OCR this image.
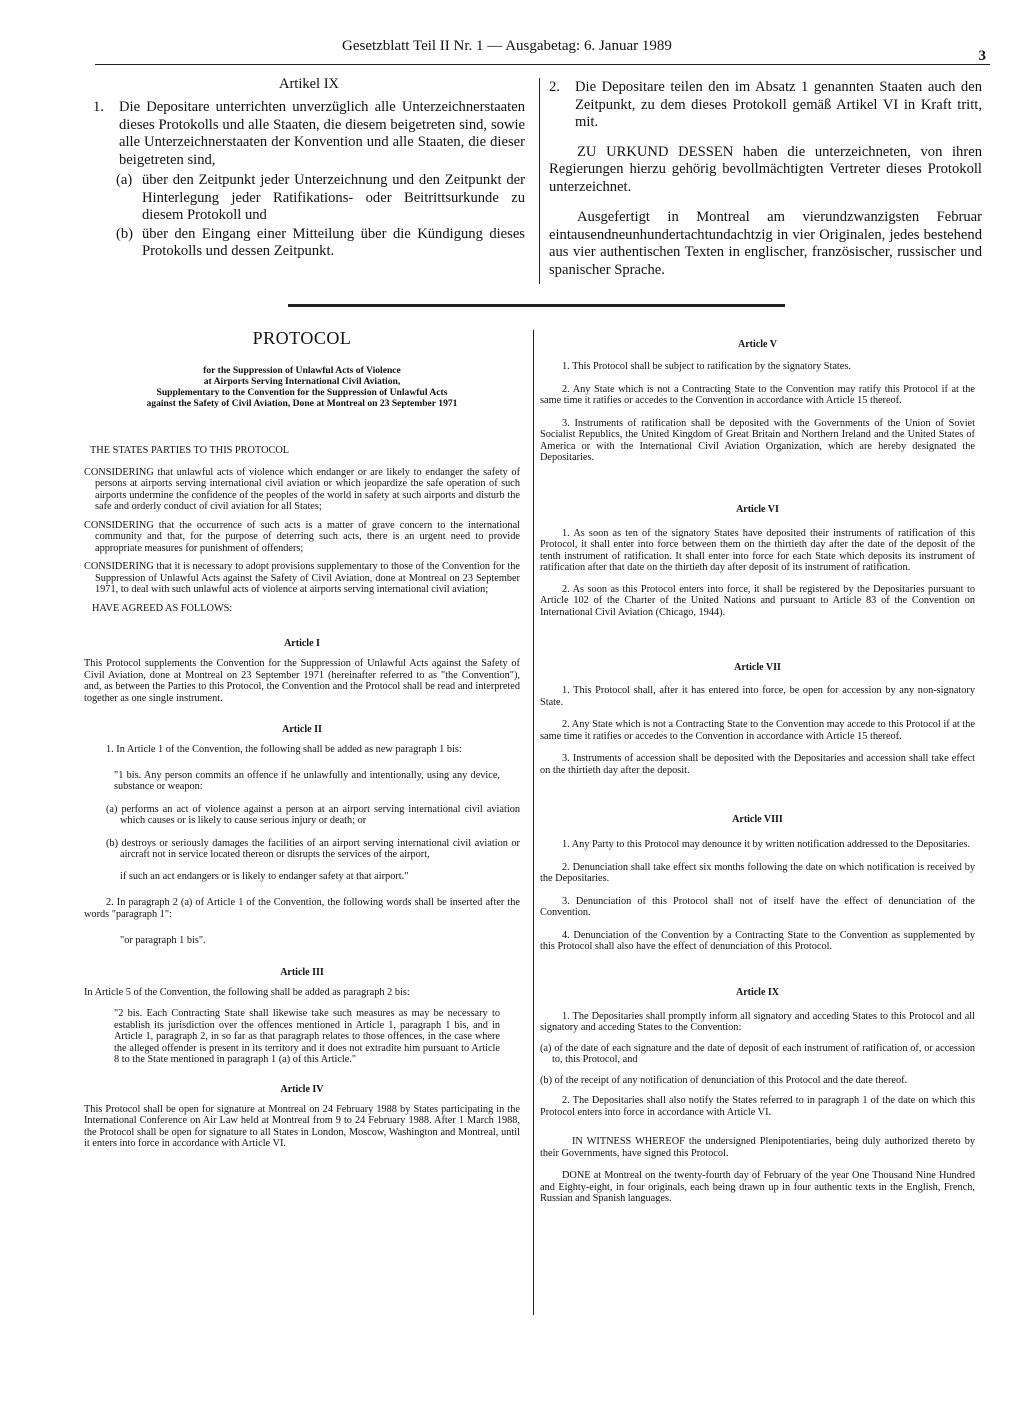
Gesetzblatt Teil II Nr. 1 — Ausgabetag: 6. Januar 1989
3

Artikel IX

1.	Die Depositare unterrichten unverzüglich alle Unterzeichnerstaaten dieses Protokolls und alle Staaten, die diesem beigetreten sind, sowie alle Unterzeichnerstaaten der Konvention und alle Staaten, die dieser beigetreten sind,
(a) über den Zeitpunkt jeder Unterzeichnung und den Zeitpunkt der Hinterlegung jeder Ratifikations- oder Beitrittsurkunde zu diesem Protokoll und
(b) über den Eingang einer Mitteilung über die Kündigung dieses Protokolls und dessen Zeitpunkt.
2.	Die Depositare teilen den im Absatz 1 genannten Staaten auch den Zeitpunkt, zu dem dieses Protokoll gemäß Artikel VI in Kraft tritt, mit.

ZU URKUND DESSEN haben die unterzeichneten, von ihren Regierungen hierzu gehörig bevollmächtigten Vertreter dieses Protokoll unterzeichnet.

Ausgefertigt in Montreal am vierundzwanzigsten Februar eintausendneunhundertachtundachtzig in vier Originalen, jedes bestehend aus vier authentischen Texten in englischer, französischer, russischer und spanischer Sprache.

PROTOCOL

for the Suppression of Unlawful Acts of Violence

at Airports Serving International Civil Aviation,

Supplementary to the Convention for the Suppression of Unlawful Acts

against the Safety of Civil Aviation, Done at Montreal on 23 September 1971

THE STATES PARTIES TO THIS PROTOCOL

CONSIDERING that unlawful acts of violence which endanger or are likely to endanger the safety of persons at airports serving international civil aviation or which jeopardize the safe operation of such airports undermine the confidence of the peoples of the world in safety at such airports and disturb the safe and orderly conduct of civil aviation for all States;

CONSIDERING that the occurrence of such acts is a matter of grave concern to the international community and that, for the purpose of deterring such acts, there is an urgent need to provide appropriate measures for punishment of offenders;

CONSIDERING that it is necessary to adopt provisions supplementary to those of the Convention for the Suppression of Unlawful Acts against the Safety of Civil Aviation, done at Montreal on 23 September 1971, to deal with such unlawful acts of violence at airports serving international civil aviation;

HAVE AGREED AS FOLLOWS:

Article I

This Protocol supplements the Convention for the Suppression of Unlawful Acts against the Safety of Civil Aviation, done at Montreal on 23 September 1971 (hereinafter referred to as "the Convention"), and, as between the Parties to this Protocol, the Convention and the Protocol shall be read and interpreted together as one single instrument.

Article II

1. In Article 1 of the Convention, the following shall be added as new paragraph 1 bis:

"1 bis. Any person commits an offence if he unlawfully and intentionally, using any device, substance or weapon:

(a) performs an act of violence against a person at an airport serving international civil aviation which causes or is likely to cause serious injury or death; or

(b) destroys or seriously damages the facilities of an airport serving international civil aviation or aircraft not in service located thereon or disrupts the services of the airport,

if such an act endangers or is likely to endanger safety at that airport."

2. In paragraph 2 (a) of Article 1 of the Convention, the following words shall be inserted after the words "paragraph 1":

"or paragraph 1 bis".

Article III

In Article 5 of the Convention, the following shall be added as paragraph 2 bis:

"2 bis. Each Contracting State shall likewise take such measures as may be necessary to establish its jurisdiction over the offences mentioned in Article 1, paragraph 1 bis, and in Article 1, paragraph 2, in so far as that paragraph relates to those offences, in the case where the alleged offender is present in its territory and it does not extradite him pursuant to Article 8 to the State mentioned in paragraph 1 (a) of this Article."

Article IV

This Protocol shall be open for signature at Montreal on 24 February 1988 by States participating in the International Conference on Air Law held at Montreal from 9 to 24 February 1988. After 1 March 1988, the Protocol shall be open for signature to all States in London, Moscow, Washington and Montreal, until it enters into force in accordance with Article VI.

Article V

1. This Protocol shall be subject to ratification by the signatory States.

2. Any State which is not a Contracting State to the Convention may ratify this Protocol if at the same time it ratifies or accedes to the Convention in accordance with Article 15 thereof.

3. Instruments of ratification shall be deposited with the Governments of the Union of Soviet Socialist Republics, the United Kingdom of Great Britain and Northern Ireland and the United States of America or with the International Civil Aviation Organization, which are hereby designated the Depositaries.

Article VI

1. As soon as ten of the signatory States have deposited their instruments of ratification of this Protocol, it shall enter into force between them on the thirtieth day after the date of the deposit of the tenth instrument of ratification. It shall enter into force for each State which deposits its instrument of ratification after that date on the thirtieth day after deposit of its instrument of ratification.

2. As soon as this Protocol enters into force, it shall be registered by the Depositaries pursuant to Article 102 of the Charter of the United Nations and pursuant to Article 83 of the Convention on International Civil Aviation (Chicago, 1944).

Article VII

1. This Protocol shall, after it has entered into force, be open for accession by any non-signatory State.

2. Any State which is not a Contracting State to the Convention may accede to this Protocol if at the same time it ratifies or accedes to the Convention in accordance with Article 15 thereof.

3. Instruments of accession shall be deposited with the Depositaries and accession shall take effect on the thirtieth day after the deposit.

Article VIII

1. Any Party to this Protocol may denounce it by written notification addressed to the Depositaries.

2. Denunciation shall take effect six months following the date on which notification is received by the Depositaries.

3. Denunciation of this Protocol shall not of itself have the effect of denunciation of the Convention.

4. Denunciation of the Convention by a Contracting State to the Convention as supplemented by this Protocol shall also have the effect of denunciation of this Protocol.

Article IX

1. The Depositaries shall promptly inform all signatory and acceding States to this Protocol and all signatory and acceding States to the Convention:

(a) of the date of each signature and the date of deposit of each instrument of ratification of, or accession to, this Protocol, and

(b) of the receipt of any notification of denunciation of this Protocol and the date thereof.

2. The Depositaries shall also notify the States referred to in paragraph 1 of the date on which this Protocol enters into force in accordance with Article VI.

IN WITNESS WHEREOF the undersigned Plenipotentiaries, being duly authorized thereto by their Governments, have signed this Protocol.

DONE at Montreal on the twenty-fourth day of February of the year One Thousand Nine Hundred and Eighty-eight, in four originals, each being drawn up in four authentic texts in the English, French, Russian and Spanish languages.
